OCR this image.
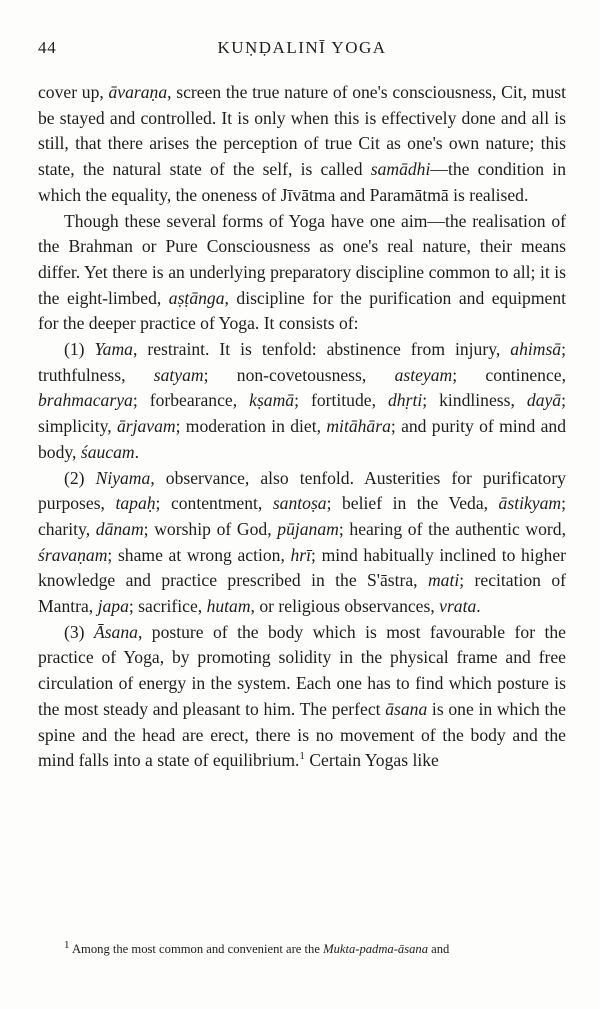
44	KUṆḌALINĪ YOGA

cover up, āvaraṇa, screen the true nature of one's consciousness, Cit, must be stayed and controlled. It is only when this is effectively done and all is still, that there arises the perception of true Cit as one's own nature; this state, the natural state of the self, is called samādhi—the condition in which the equality, the oneness of Jīvātma and Paramātmā is realised.

Though these several forms of Yoga have one aim—the realisation of the Brahman or Pure Consciousness as one's real nature, their means differ. Yet there is an underlying preparatory discipline common to all; it is the eight-limbed, aṣṭānga, discipline for the purification and equipment for the deeper practice of Yoga. It consists of:

(1) Yama, restraint. It is tenfold: abstinence from injury, ahimsā; truthfulness, satyam; non-covetousness, asteyam; continence, brahmacarya; forbearance, kṣamā; fortitude, dhṛti; kindliness, dayā; simplicity, ārjavam; moderation in diet, mitāhāra; and purity of mind and body, śaucam.

(2) Niyama, observance, also tenfold. Austerities for purificatory purposes, tapaḥ; contentment, santoṣa; belief in the Veda, āstikyam; charity, dānam; worship of God, pūjanam; hearing of the authentic word, śravaṇam; shame at wrong action, hrī; mind habitually inclined to higher knowledge and practice prescribed in the S'āstra, mati; recitation of Mantra, japa; sacrifice, hutam, or religious observances, vrata.

(3) Āsana, posture of the body which is most favourable for the practice of Yoga, by promoting solidity in the physical frame and free circulation of energy in the system. Each one has to find which posture is the most steady and pleasant to him. The perfect āsana is one in which the spine and the head are erect, there is no movement of the body and the mind falls into a state of equilibrium.$^1$ Certain Yogas like

$^1$ Among the most common and convenient are the Mukta-padma-āsana and
